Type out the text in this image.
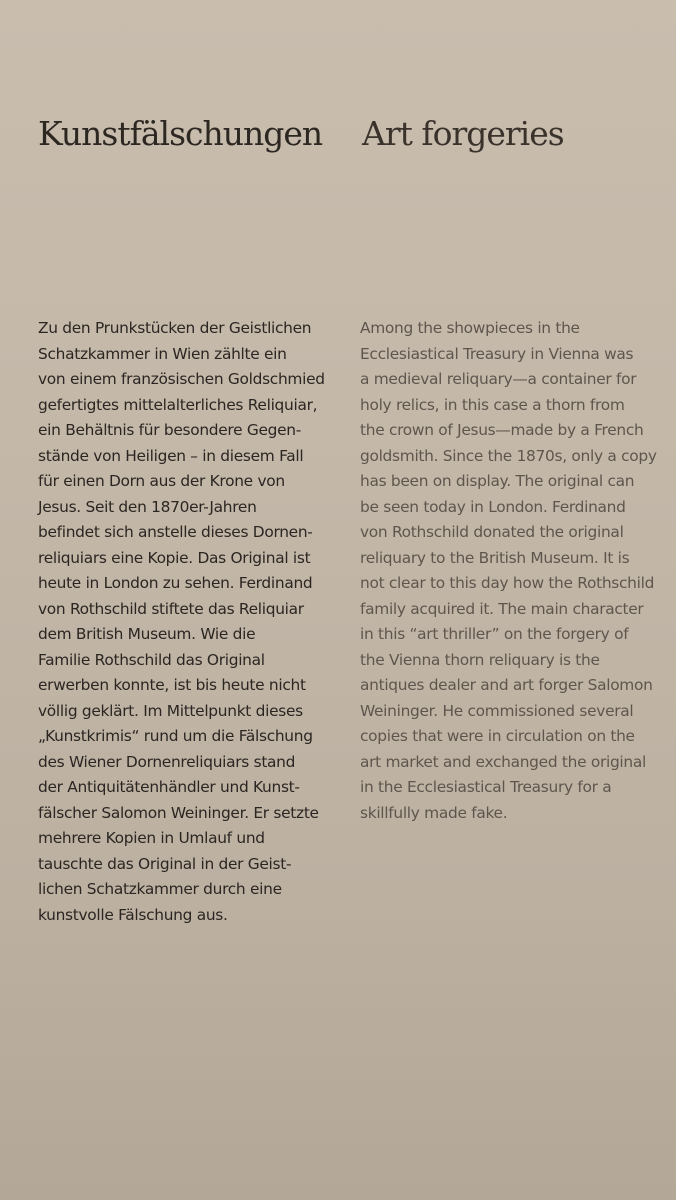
Kunstfälschungen Art forgeries
Zu den Prunkstücken der Geistlichen
Schatzkammer in Wien zählte ein
von einem französischen Goldschmied
gefertigtes mittelalterliches Reliquiar,
ein Behältnis für besondere Gegen-
stände von Heiligen – in diesem Fall
für einen Dorn aus der Krone von
Jesus. Seit den 1870er-Jahren
befindet sich anstelle dieses Dornen-
reliquiars eine Kopie. Das Original ist
heute in London zu sehen. Ferdinand
von Rothschild stiftete das Reliquiar
dem British Museum. Wie die
Familie Rothschild das Original
erwerben konnte, ist bis heute nicht
völlig geklärt. Im Mittelpunkt dieses
„Kunstkrimis“ rund um die Fälschung
des Wiener Dornenreliquiars stand
der Antiquitätenhändler und Kunst-
fälscher Salomon Weininger. Er setzte
mehrere Kopien in Umlauf und
tauschte das Original in der Geist-
lichen Schatzkammer durch eine
kunstvolle Fälschung aus.
Among the showpieces in the
Ecclesiastical Treasury in Vienna was
a medieval reliquary—a container for
holy relics, in this case a thorn from
the crown of Jesus—made by a French
goldsmith. Since the 1870s, only a copy
has been on display. The original can
be seen today in London. Ferdinand
von Rothschild donated the original
reliquary to the British Museum. It is
not clear to this day how the Rothschild
family acquired it. The main character
in this “art thriller” on the forgery of
the Vienna thorn reliquary is the
antiques dealer and art forger Salomon
Weininger. He commissioned several
copies that were in circulation on the
art market and exchanged the original
in the Ecclesiastical Treasury for a
skillfully made fake.
